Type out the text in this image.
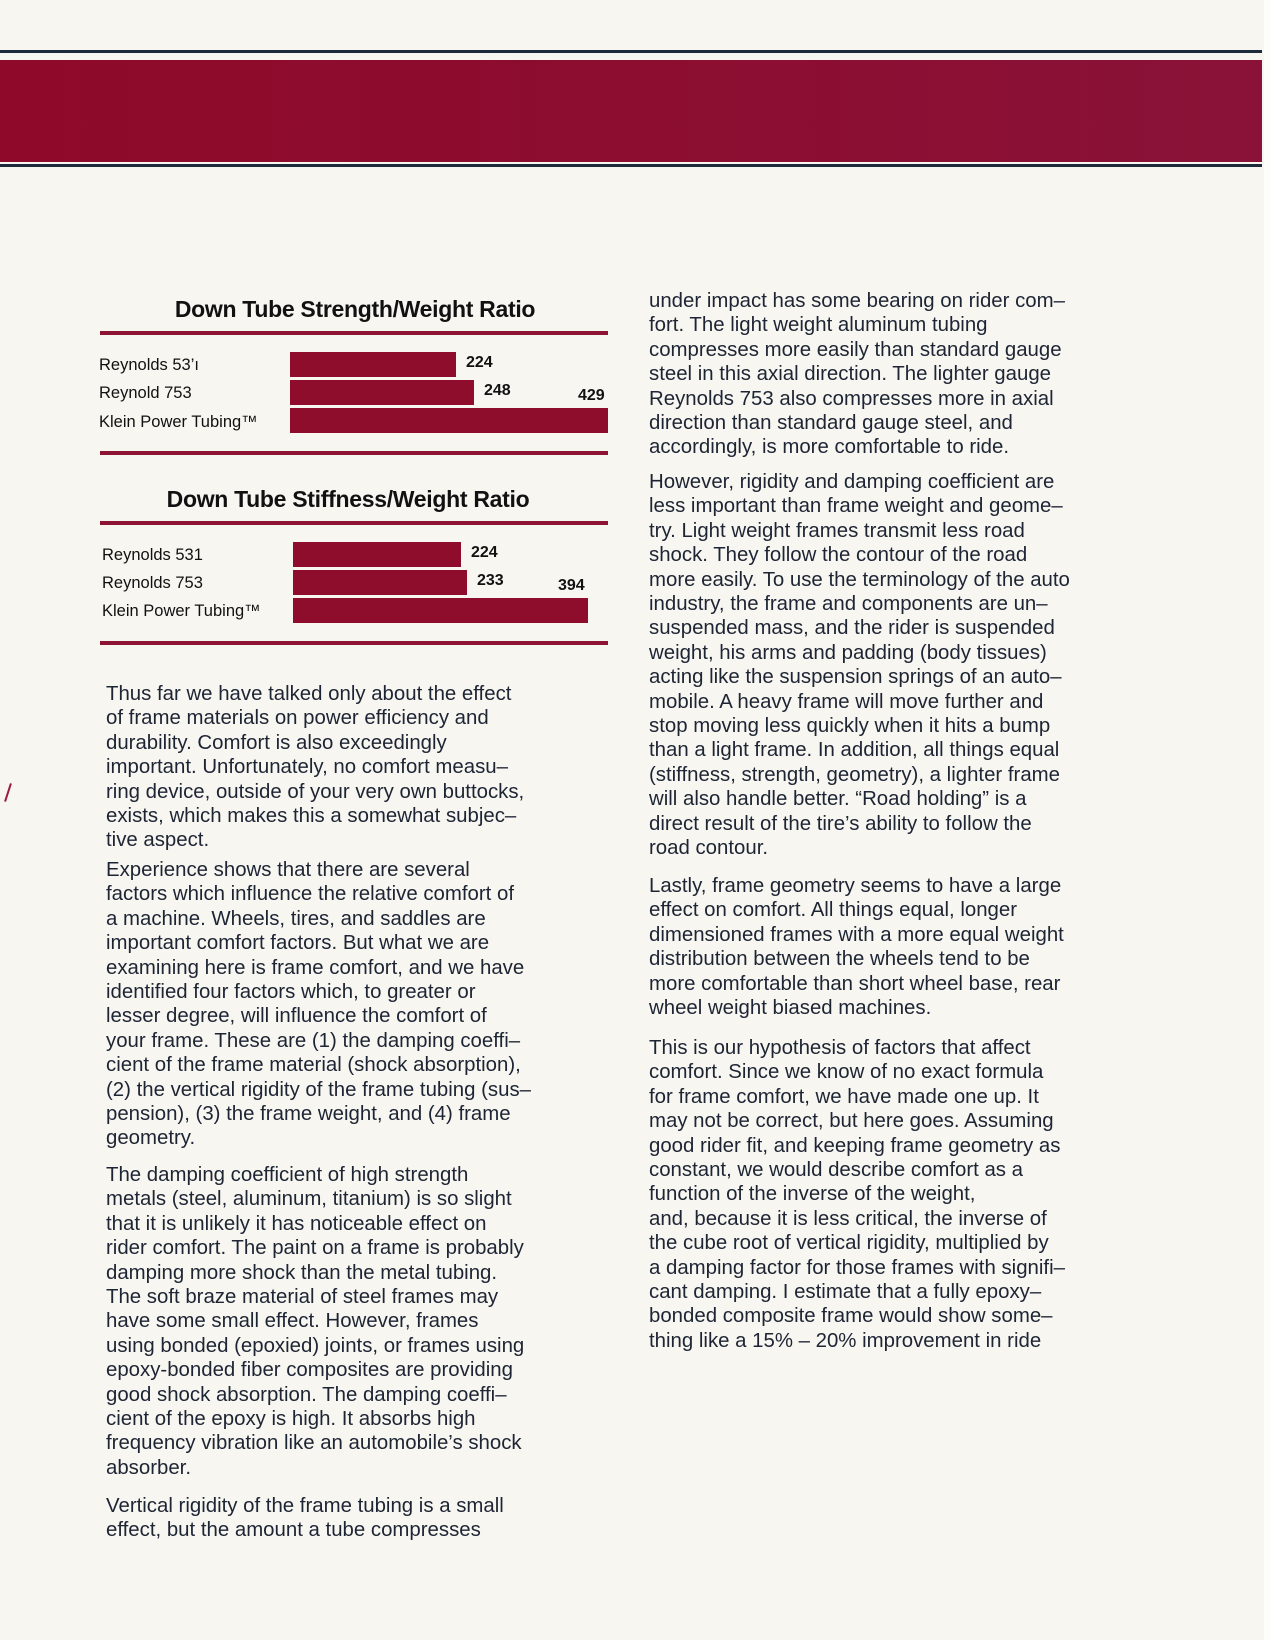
Down Tube Strength/Weight Ratio
Reynolds 53’ı
Reynold 753
Klein Power Tubing™
224
248	429
Down Tube Stiffness/Weight Ratio
Reynolds 531
Reynolds 753
Klein Power Tubing™
224
233	394
Thus far we have talked only about the effect
of frame materials on power efficiency and
durability. Comfort is also exceedingly
important. Unfortunately, no comfort measu–
ring device, outside of your very own buttocks,
exists, which makes this a somewhat subjec–
tive aspect.
Experience shows that there are several
factors which influence the relative comfort of
a machine. Wheels, tires, and saddles are
important comfort factors. But what we are
examining here is frame comfort, and we have
identified four factors which, to greater or
lesser degree, will influence the comfort of
your frame. These are (1) the damping coeffi–
cient of the frame material (shock absorption),
(2) the vertical rigidity of the frame tubing (sus–
pension), (3) the frame weight, and (4) frame
geometry.
The damping coefficient of high strength
metals (steel, aluminum, titanium) is so slight
that it is unlikely it has noticeable effect on
rider comfort. The paint on a frame is probably
damping more shock than the metal tubing.
The soft braze material of steel frames may
have some small effect. However, frames
using bonded (epoxied) joints, or frames using
epoxy-bonded fiber composites are providing
good shock absorption. The damping coeffi–
cient of the epoxy is high. It absorbs high
frequency vibration like an automobile’s shock
absorber.
Vertical rigidity of the frame tubing is a small
effect, but the amount a tube compresses
under impact has some bearing on rider com–
fort. The light weight aluminum tubing
compresses more easily than standard gauge
steel in this axial direction. The lighter gauge
Reynolds 753 also compresses more in axial
direction than standard gauge steel, and
accordingly, is more comfortable to ride.
However, rigidity and damping coefficient are
less important than frame weight and geome–
try. Light weight frames transmit less road
shock. They follow the contour of the road
more easily. To use the terminology of the auto
industry, the frame and components are un–
suspended mass, and the rider is suspended
weight, his arms and padding (body tissues)
acting like the suspension springs of an auto–
mobile. A heavy frame will move further and
stop moving less quickly when it hits a bump
than a light frame. In addition, all things equal
(stiffness, strength, geometry), a lighter frame
will also handle better. “Road holding” is a
direct result of the tire’s ability to follow the
road contour.
Lastly, frame geometry seems to have a large
effect on comfort. All things equal, longer
dimensioned frames with a more equal weight
distribution between the wheels tend to be
more comfortable than short wheel base, rear
wheel weight biased machines.
This is our hypothesis of factors that affect
comfort. Since we know of no exact formula
for frame comfort, we have made one up. It
may not be correct, but here goes. Assuming
good rider fit, and keeping frame geometry as
constant, we would describe comfort as a
function of the inverse of the weight,
and, because it is less critical, the inverse of
the cube root of vertical rigidity, multiplied by
a damping factor for those frames with signifi–
cant damping. I estimate that a fully epoxy–
bonded composite frame would show some–
thing like a 15% – 20% improvement in ride
